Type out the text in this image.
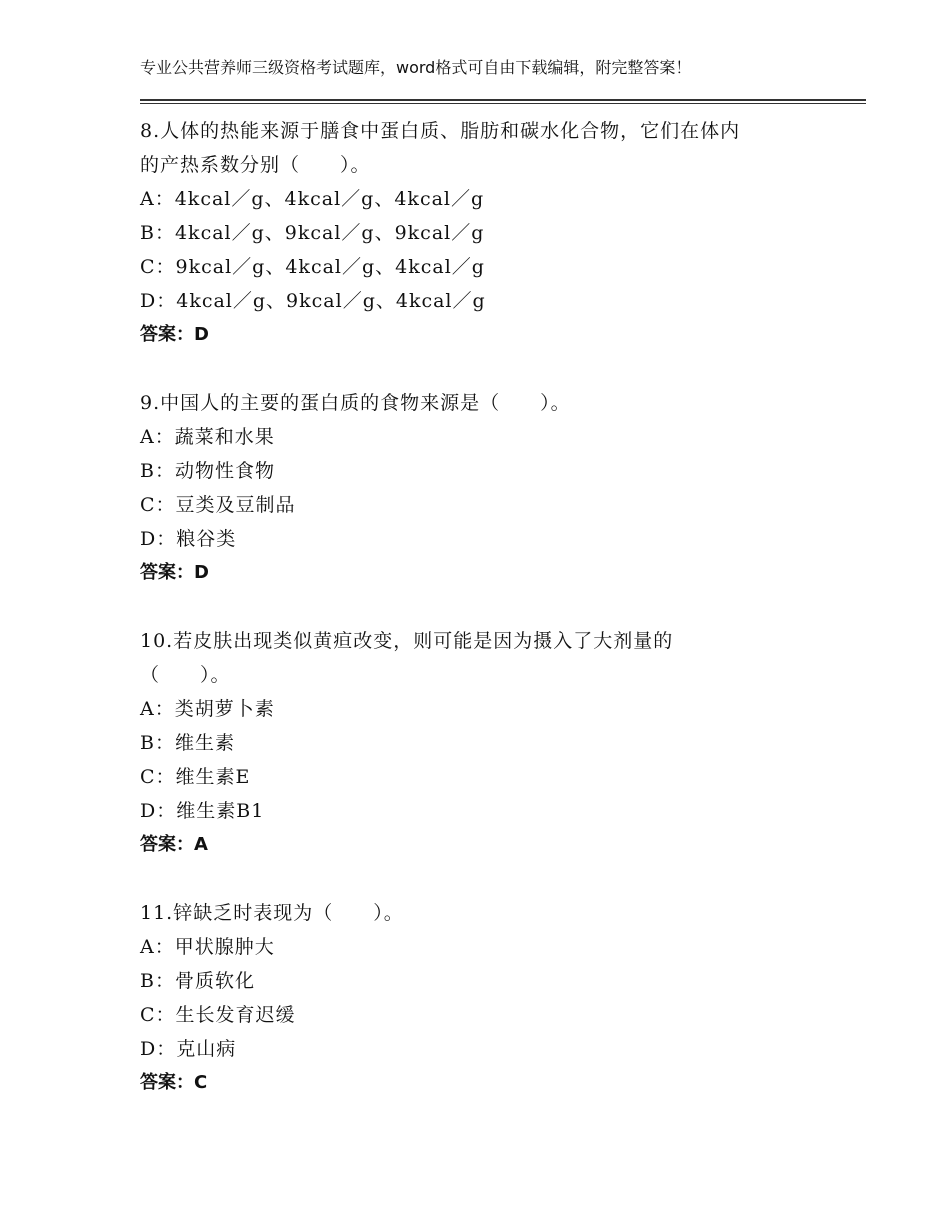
专业公共营养师三级资格考试题库，word格式可自由下载编辑，附完整答案！
8.人体的热能来源于膳食中蛋白质、脂肪和碳水化合物，它们在体内
的产热系数分别（　　）。
A：4kcal／g、4kcal／g、4kcal／g
B：4kcal／g、9kcal／g、9kcal／g
C：9kcal／g、4kcal／g、4kcal／g
D：4kcal／g、9kcal／g、4kcal／g
答案：D
9.中国人的主要的蛋白质的食物来源是（　　）。
A：蔬菜和水果
B：动物性食物
C：豆类及豆制品
D：粮谷类
答案：D
10.若皮肤出现类似黄疸改变，则可能是因为摄入了大剂量的
（　　）。
A：类胡萝卜素
B：维生素
C：维生素E
D：维生素B1
答案：A
11.锌缺乏时表现为（　　）。
A：甲状腺肿大
B：骨质软化
C：生长发育迟缓
D：克山病
答案：C
